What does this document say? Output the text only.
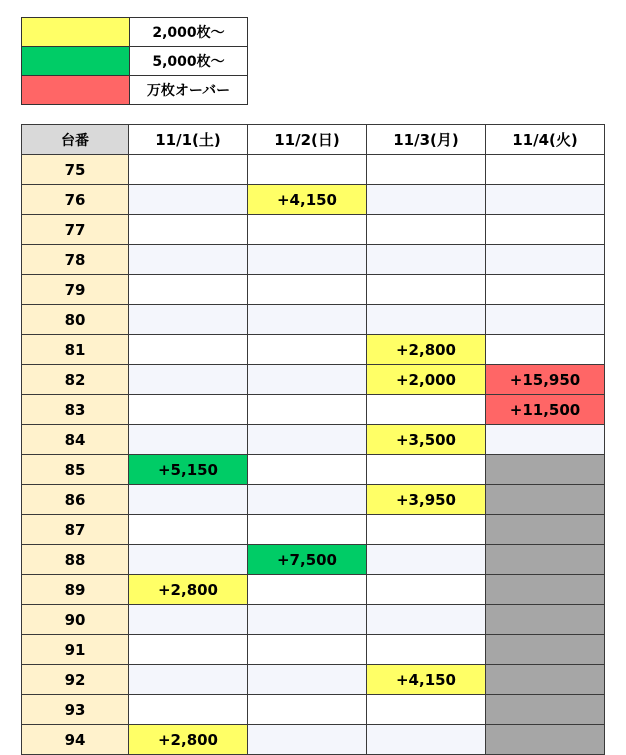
	2,000枚～
	5,000枚～
	万枚オーバー
台番	11/1(土)	11/2(日)	11/3(月)	11/4(火)
75				
76		+4,150		
77				
78				
79				
80				
81			+2,800	
82			+2,000	+15,950
83				+11,500
84			+3,500	
85	+5,150			
86			+3,950	
87				
88		+7,500		
89	+2,800			
90				
91				
92			+4,150	
93				
94	+2,800			
